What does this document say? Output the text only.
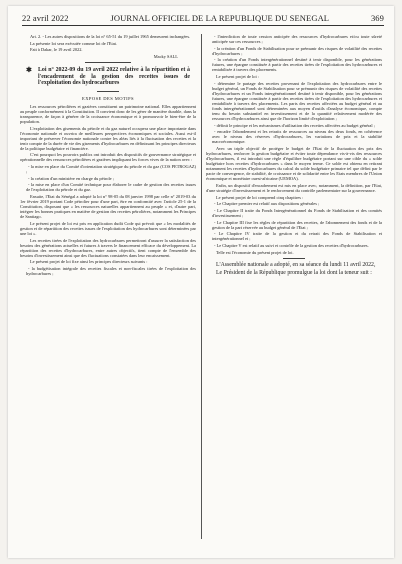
22 avril 2022	JOURNAL OFFICIEL DE LA REPUBLIQUE DU SENEGAL	369

Art. 2. - Les autres dispositions de la loi n° 65-51 du 19 juillet 1965 demeurent inchangées.

La présente loi sera exécutée comme loi de l'Etat.

Fait à Dakar, le 19 avril 2022.

Macky SALL

✱ Loi n° 2022-09 du 19 avril 2022 relative à la répartition et à l'encadrement de la gestion des recettes issues de l'exploitation des hydrocarbures
EXPOSE DES MOTIFS

Les ressources pétrolières et gazières constituent un patrimoine national. Elles appartiennent au peuple conformément à la Constitution. Il convient donc de les gérer de manière durable, dans la transparence, de façon à générer de la croissance économique et à promouvoir le bien-être de la population.

L'exploitation des gisements du pétrole et du gaz naturel occupera une place importante dans l'économie nationale et ouvrira de meilleures perspectives économiques et sociales. Aussi est-il important de préserver l'économie nationale contre les aléas liés à la fluctuation des recettes et la tenir compte de la durée de vie des gisements d'hydrocarbures en définissant les principes directeurs de la politique budgétaire et financière.

C'est pourquoi les pouvoirs publics ont introduit des dispositifs de gouvernance stratégique et opérationnelle des ressources pétrolières et gazières impliquant les forces vives de la nation avec :

- la mise en place du Comité d'orientation stratégique du pétrole et du gaz (COS PETROGAZ) ;

- la création d'un ministère en charge du pétrole ;

- la mise en place d'un Comité technique pour élaborer le cadre de gestion des recettes issues de l'exploitation du pétrole et du gaz.

Ensuite, l'Etat du Sénégal a adopté la loi n° 98-05 du 08 janvier 1998 par celle n° 2019-03 du 1er février 2019 portant Code pétrolier pour d'une part, être en conformité avec l'article 25-1 de la Constitution, disposant que « les ressources naturelles appartiennent au peuple » et, d'autre part, intégrer les bonnes pratiques en matière de gestion des recettes pétrolières, notamment les Principes de Santiago.

Le présent projet de loi est pris en application dudit Code qui prévoit que « les modalités de gestion et de répartition des recettes issues de l'exploitation des hydrocarbures sont déterminées par une loi ».

Les recettes tirées de l'exploitation des hydrocarbures permettront d'assurer la satisfaction des besoins des générations actuelles et futures à travers le financement efficace du développement. La répartition des recettes d'hydrocarbures, entre autres objectifs, tient compte de l'ensemble des besoins d'investissement ainsi que des fluctuations constatées dans leur encaissement.

Le présent projet de loi fixe ainsi les principes directeurs suivants :

- la budgétisation intégrale des recettes fiscales et non-fiscales tirées de l'exploitation des hydrocarbures ;

- l'interdiction de toute cession anticipée des ressources d'hydrocarbures et/ou toute sûreté anticipée sur ces ressources ;

- la création d'un Fonds de Stabilisation pour se prémunir des risques de volatilité des recettes d'hydrocarbures ;

- la création d'un Fonds intergénérationnel destiné à tenir disponible, pour les générations futures, une épargne constituée à partir des recettes tirées de l'exploitation des hydrocarbures et rentabilisée à travers des placements.

Le présent projet de loi :

- détermine le partage des recettes provenant de l'exploitation des hydrocarbures entre le budget général, un Fonds de Stabilisation pour se prémunir des risques de volatilité des recettes d'hydrocarbures et un Fonds intergénérationnel destiné à tenir disponible, pour les générations futures, une épargne constituée à partir des recettes tirées de l'exploitation des hydrocarbures et rentabilisée à travers des placements. Les parts des recettes affectées au budget général et au fonds intergénérationnel sont déterminées aux moyen d'outils d'analyse économique, compte tenu du besoin substantiel en investissement et de la quantité relativement modérée des ressources d'hydrocarbures ainsi que de l'horizon limité d'exploitation ;

- définit le principe et les mécanismes d'utilisation des recettes affectées au budget général ;

- encadre l'abondement et les retraits de ressources au niveau des deux fonds, en cohérence avec le niveau des réserves d'hydrocarbures, les variations de prix et la stabilité macroéconomique.

Avec un triple objectif de protéger le budget de l'Etat de la fluctuation des prix des hydrocarbures, renforcer la gestion budgétaire et éviter toute dépendance vis-à-vis des ressources d'hydrocarbures, il est introduit une règle d'équilibre budgétaire portant sur une cible du « solde budgétaire hors recettes d'hydrocarbures » dans le moyen terme. Ce solde est obtenu en retirant notamment les recettes d'hydrocarbures du calcul du solde budgétaire primaire tel que défini par le pacte de convergence, de stabilité, de croissance et de solidarité entre les Etats membres de l'Union économique et monétaire ouest-africaine (UEMOA).

Enfin, un dispositif d'encadrement est mis en place avec, notamment, la définition, par l'Etat, d'une stratégie d'investissement et le renforcement du contrôle parlementaire sur la gouvernance.

Le présent projet de loi comprend cinq chapitres :

- Le Chapitre premier est relatif aux dispositions générales ;

- Le Chapitre II traite du Fonds Intergénérationnel du Fonds de Stabilisation et des comités d'investissement ;

- Le Chapitre III fixe les règles de répartition des recettes, de l'abonnement des fonds et de la gestion de la part réservée au budget général de l'Etat ;

- Le Chapitre IV traite de la gestion et du retrait des Fonds de Stabilisation et intergénérationnel et ;

- Le Chapitre V est relatif au suivi et contrôle de la gestion des recettes d'hydrocarbures.

Telle est l'économie du présent projet de loi.

L'Assemblée nationale a adopté, en sa séance du lundi 11 avril 2022,

Le Président de la République promulgue la loi dont la teneur suit :
